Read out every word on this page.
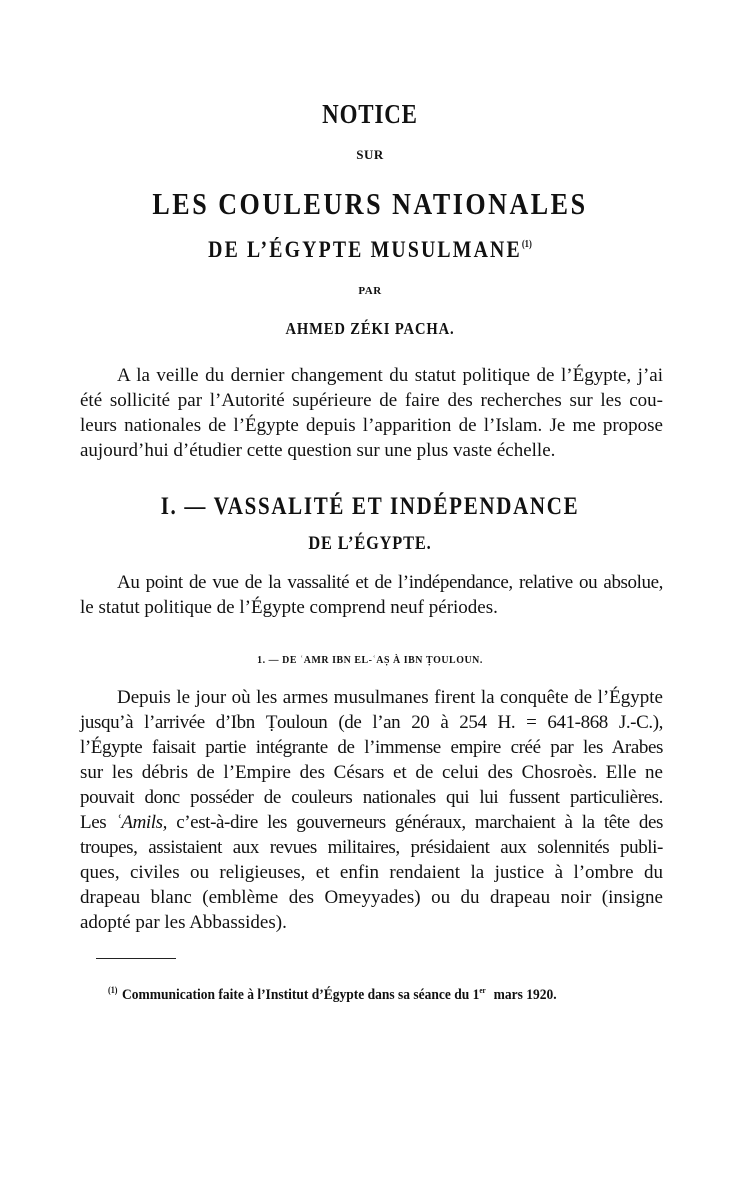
NOTICE
SUR
LES COULEURS NATIONALES
DE L’ÉGYPTE MUSULMANE$^{(1)}$
PAR
AHMED ZÉKI PACHA.
A la veille du dernier changement du statut politique de l’Égypte, j’ai
été sollicité par l’Autorité supérieure de faire des recherches sur les cou-
leurs nationales de l’Égypte depuis l’apparition de l’Islam. Je me propose
aujourd’hui d’étudier cette question sur une plus vaste échelle.
I. — VASSALITÉ ET INDÉPENDANCE
DE L’ÉGYPTE.
Au point de vue de la vassalité et de l’indépendance, relative ou absolue,
le statut politique de l’Égypte comprend neuf périodes.
1. — DE ʿAMR IBN EL-ʿAṢ À IBN ṬOULOUN.
Depuis le jour où les armes musulmanes firent la conquête de l’Égypte
jusqu’à l’arrivée d’Ibn Ṭouloun (de l’an 20 à 254 H. = 641-868 J.-C.),
l’Égypte faisait partie intégrante de l’immense empire créé par les Arabes
sur les débris de l’Empire des Césars et de celui des Chosroès. Elle ne
pouvait donc posséder de couleurs nationales qui lui fussent particulières.
Les ʿAmils, c’est-à-dire les gouverneurs généraux, marchaient à la tête des
troupes, assistaient aux revues militaires, présidaient aux solennités publi-
ques, civiles ou religieuses, et enfin rendaient la justice à l’ombre du
drapeau blanc (emblème des Omeyyades) ou du drapeau noir (insigne
adopté par les Abbassides).
$^{(1)}$ Communication faite à l’Institut d’Égypte dans sa séance du 1er mars 1920.
